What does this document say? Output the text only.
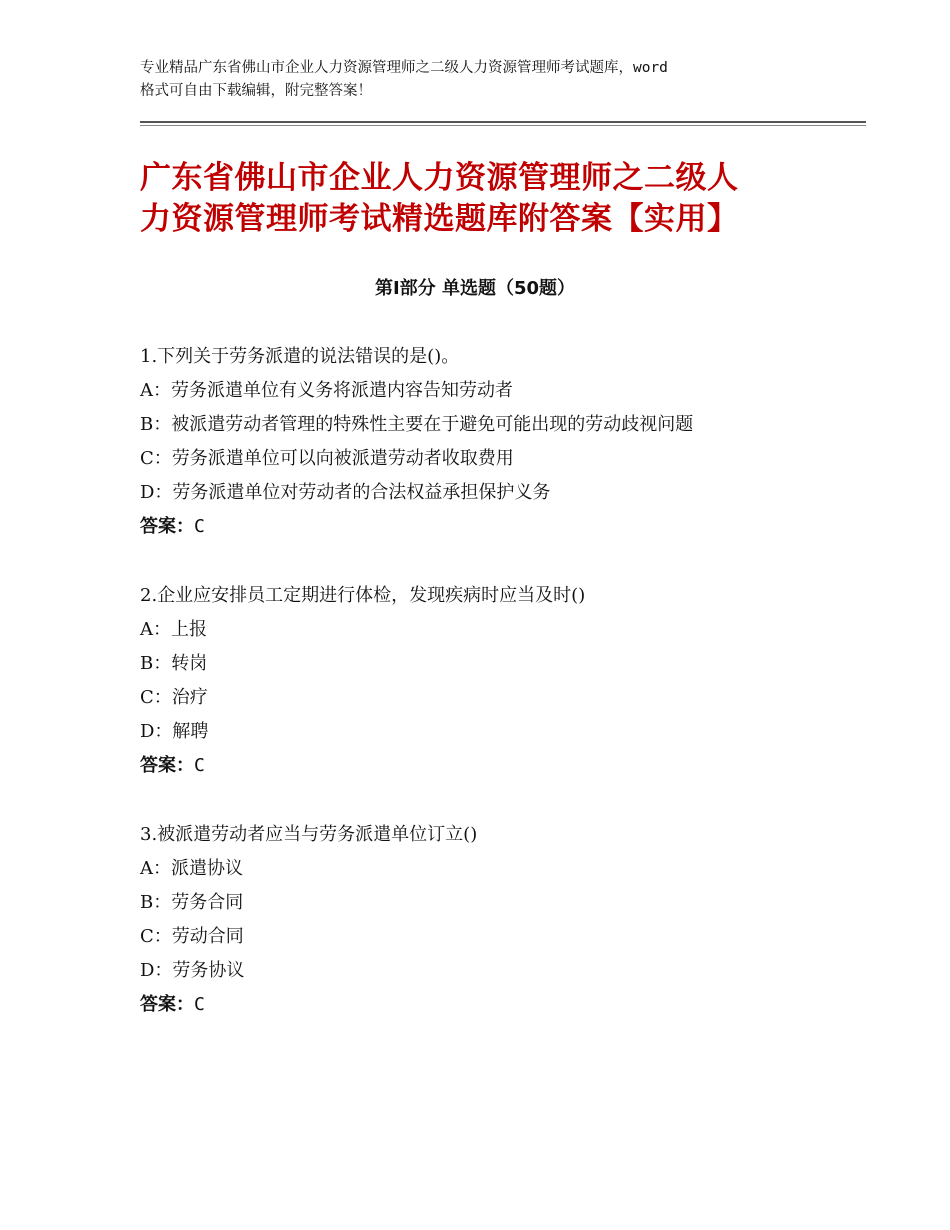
专业精品广东省佛山市企业人力资源管理师之二级人力资源管理师考试题库，word
格式可自由下载编辑，附完整答案！
广东省佛山市企业人力资源管理师之二级人
力资源管理师考试精选题库附答案【实用】
第Ⅰ部分 单选题（50题）
1.下列关于劳务派遣的说法错误的是()。
A：劳务派遣单位有义务将派遣内容告知劳动者
B：被派遣劳动者管理的特殊性主要在于避免可能出现的劳动歧视问题
C：劳务派遣单位可以向被派遣劳动者收取费用
D：劳务派遣单位对劳动者的合法权益承担保护义务
答案：C
2.企业应安排员工定期进行体检，发现疾病时应当及时()
A：上报
B：转岗
C：治疗
D：解聘
答案：C
3.被派遣劳动者应当与劳务派遣单位订立()
A：派遣协议
B：劳务合同
C：劳动合同
D：劳务协议
答案：C
